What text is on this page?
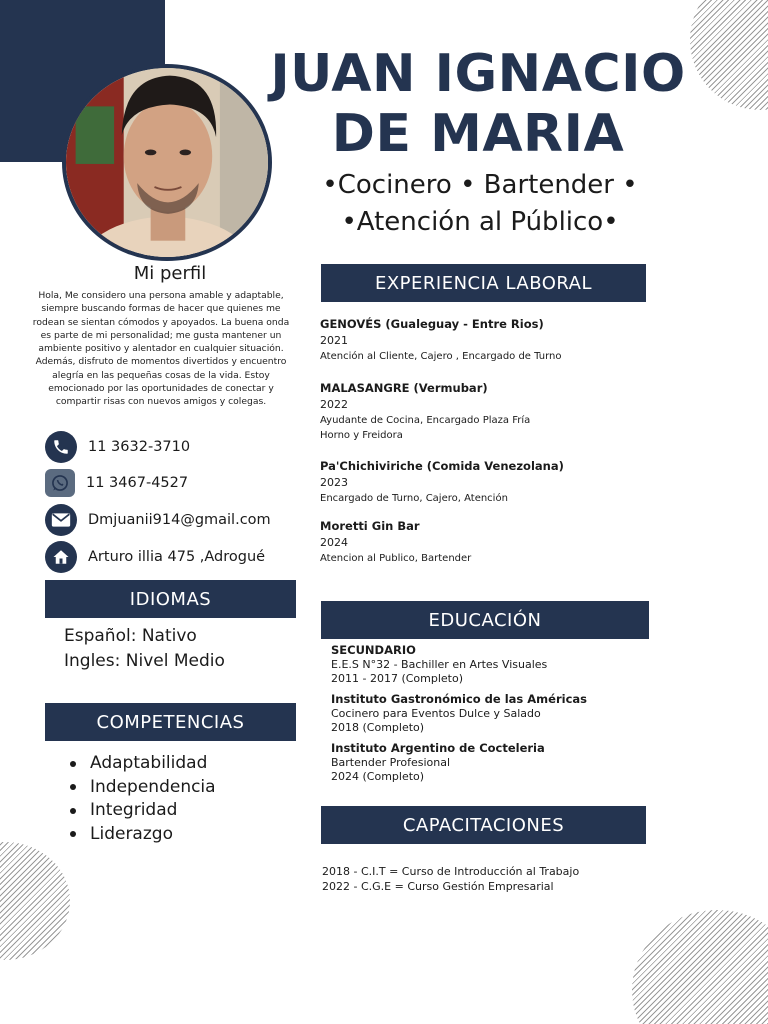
JUAN IGNACIO
DE MARIA
•Cocinero • Bartender •
•Atención al Público•
Mi perfil
Hola, Me considero una persona amable y adaptable, siempre buscando formas de hacer que quienes me rodean se sientan cómodos y apoyados. La buena onda es parte de mi personalidad; me gusta mantener un ambiente positivo y alentador en cualquier situación. Además, disfruto de momentos divertidos y encuentro alegría en las pequeñas cosas de la vida. Estoy emocionado por las oportunidades de conectar y compartir risas con nuevos amigos y colegas.
11 3632-3710
11 3467-4527
Dmjuanii914@gmail.com
Arturo illia 475 ,Adrogué
IDIOMAS
Español: Nativo
Ingles: Nivel Medio
COMPETENCIAS
Adaptabilidad
Independencia
Integridad
Liderazgo
EXPERIENCIA LABORAL
GENOVÉS (Gualeguay - Entre Rios)
2021
Atención al Cliente, Cajero , Encargado de Turno
MALASANGRE (Vermubar)
2022
Ayudante de Cocina, Encargado Plaza Fría
Horno y Freidora
Pa'Chichiviriche (Comida Venezolana)
2023
Encargado de Turno, Cajero, Atención
Moretti Gin Bar
2024
Atencion al Publico, Bartender
EDUCACIÓN
SECUNDARIO
E.E.S N°32 - Bachiller en Artes Visuales
2011 - 2017 (Completo)
Instituto Gastronómico de las Américas
Cocinero para Eventos Dulce y Salado
2018 (Completo)
Instituto Argentino de Cocteleria
Bartender Profesional
2024 (Completo)
CAPACITACIONES
2018 - C.I.T = Curso de Introducción al Trabajo
2022 - C.G.E = Curso Gestión Empresarial
